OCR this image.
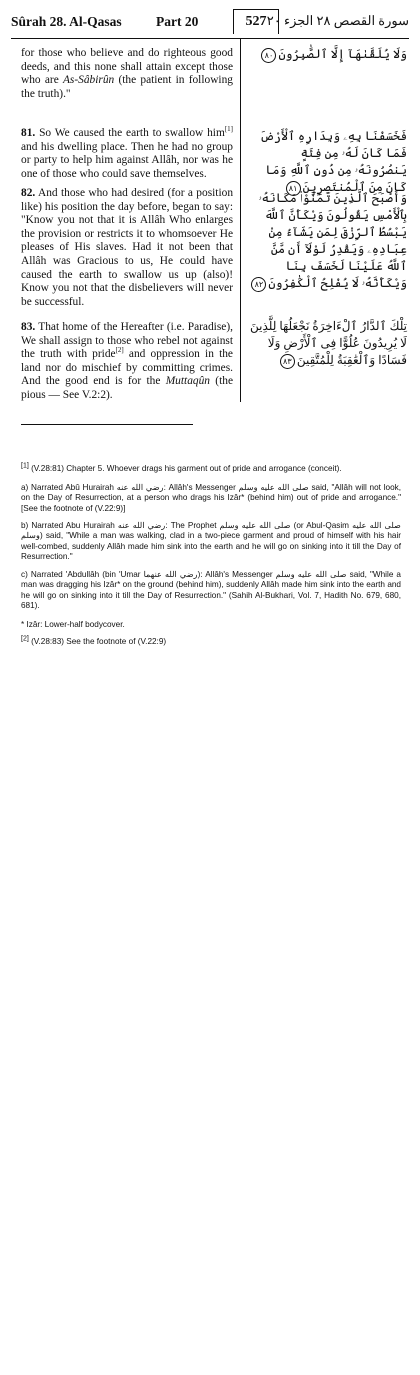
Sûrah 28. Al-Qasas	Part 20	527 سورة القصص ٢٨ الجزء ٢٠
for those who believe and do righteous good deeds, and this none shall attain except those who are As-Sâbirûn (the patient in following the truth)."
وَلَا يُلَقَّىٰهَآ إِلَّا ٱلصَّٰبِرُونَ٨٠
81. So We caused the earth to swallow him[1] and his dwelling place. Then he had no group or party to help him against Allâh, nor was he one of those who could save themselves.
فَخَسَفْنَا بِهِۦ وَبِدَارِهِ ٱلْأَرْضَ فَمَا كَانَ لَهُۥ مِن فِئَةٍ يَنصُرُونَهُۥ مِن دُونِ ٱللَّهِ وَمَا كَانَ مِنَ ٱلْمُنتَصِرِينَ٨١
82. And those who had desired (for a position like) his position the day before, began to say: "Know you not that it is Allâh Who enlarges the provision or restricts it to whomsoever He pleases of His slaves. Had it not been that Allâh was Gracious to us, He could have caused the earth to swallow us up (also)! Know you not that the disbelievers will never be successful.
وَأَصْبَحَ ٱلَّذِينَ تَمَنَّوْا۟ مَكَانَهُۥ بِٱلْأَمْسِ يَقُولُونَ وَيْكَأَنَّ ٱللَّهَ يَبْسُطُ ٱلرِّزْقَ لِمَن يَشَآءُ مِنْ عِبَادِهِۦ وَيَقْدِرُ لَوْلَآ أَن مَّنَّ ٱللَّهُ عَلَيْنَا لَخَسَفَ بِنَا وَيْكَأَنَّهُۥ لَا يُفْلِحُ ٱلْكَٰفِرُونَ٨٢
83. That home of the Hereafter (i.e. Paradise), We shall assign to those who rebel not against the truth with pride[2] and oppression in the land nor do mischief by committing crimes. And the good end is for the Muttaqûn (the pious — See V.2:2).
تِلْكَ ٱلدَّارُ ٱلْءَاخِرَةُ نَجْعَلُهَا لِلَّذِينَ لَا يُرِيدُونَ عُلُوًّا فِى ٱلْأَرْضِ وَلَا فَسَادًا وَٱلْعَٰقِبَةُ لِلْمُتَّقِينَ٨٣
[1] (V.28:81) Chapter 5. Whoever drags his garment out of pride and arrogance (conceit).
a) Narrated Abû Hurairah رضي الله عنه: Allâh's Messenger صلى الله عليه وسلم said, "Allâh will not look, on the Day of Resurrection, at a person who drags his Izâr* (behind him) out of pride and arrogance." [See the footnote of (V.22:9)]
b) Narrated Abu Hurairah رضي الله عنه: The Prophet صلى الله عليه وسلم (or Abul-Qasim صلى الله عليه وسلم) said, "While a man was walking, clad in a two-piece garment and proud of himself with his hair well-combed, suddenly Allâh made him sink into the earth and he will go on sinking into it till the Day of Resurrection."
c) Narrated 'Abdullâh (bin 'Umar رضي الله عنهما): Allâh's Messenger صلى الله عليه وسلم said, "While a man was dragging his Izâr* on the ground (behind him), suddenly Allâh made him sink into the earth and he will go on sinking into it till the Day of Resurrection." (Sahih Al-Bukhari, Vol. 7, Hadith No. 679, 680, 681).
* Izâr: Lower-half bodycover.
[2] (V.28:83) See the footnote of (V.22:9)
